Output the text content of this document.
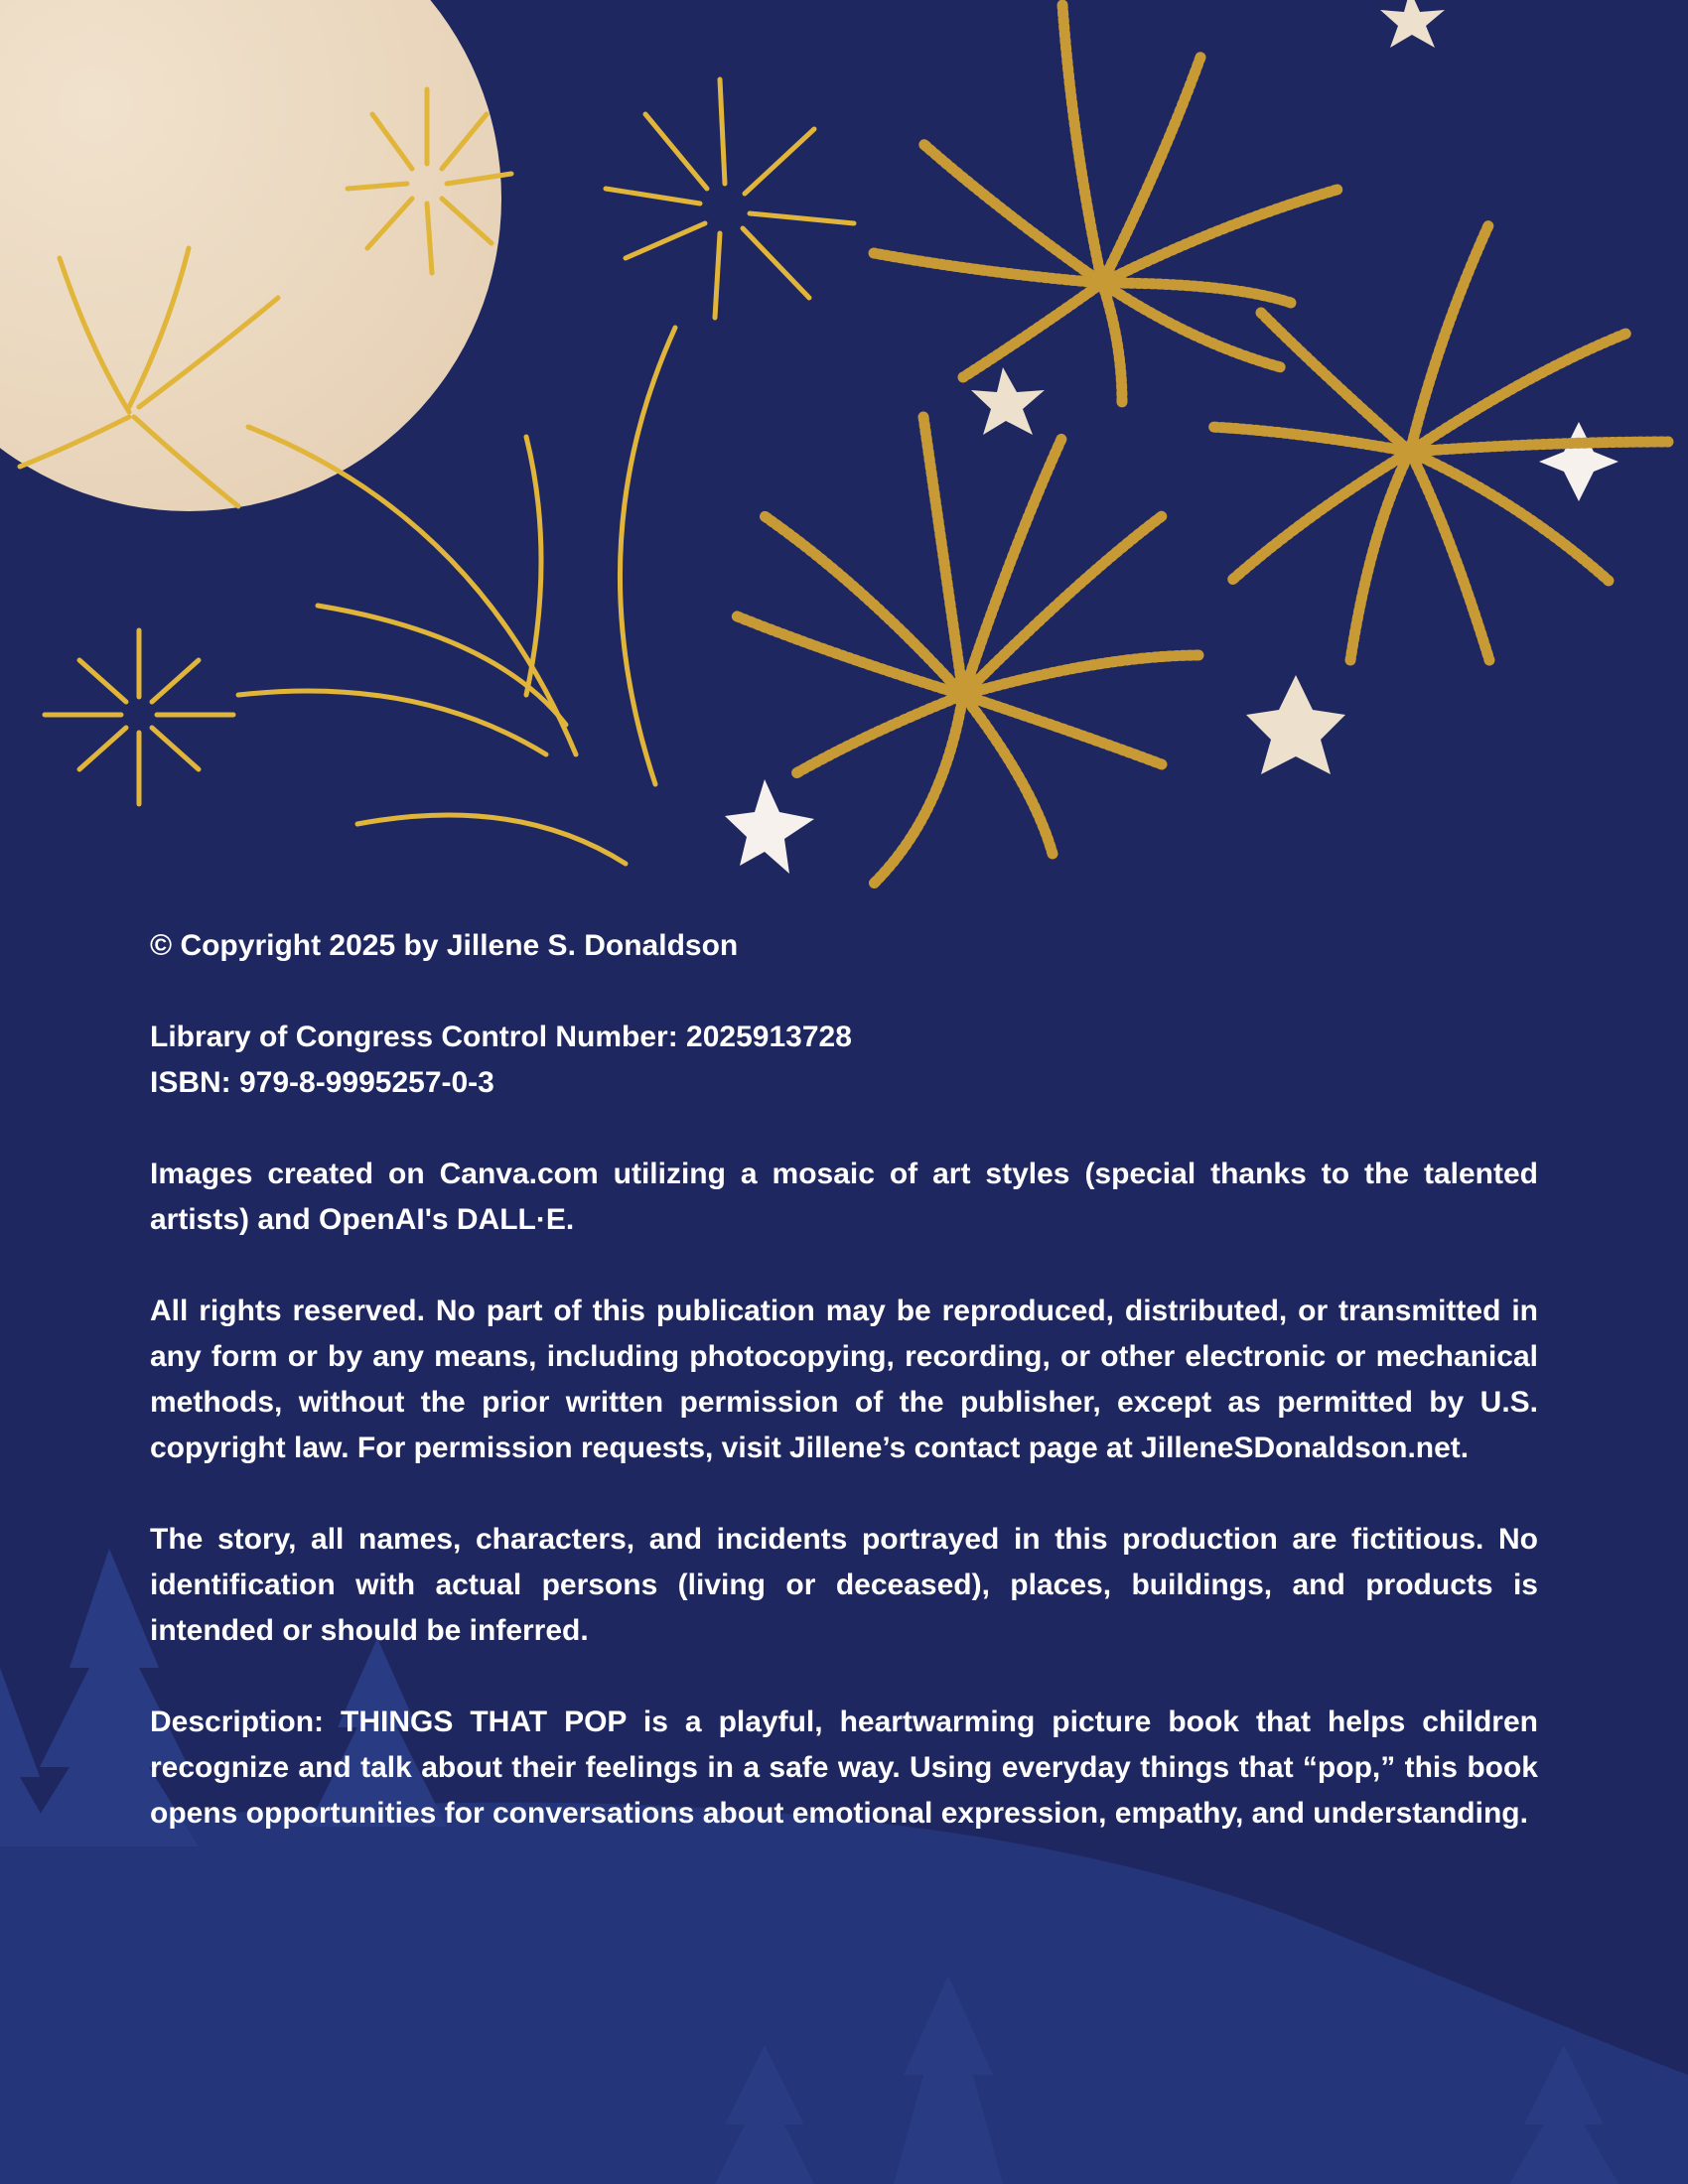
© Copyright 2025 by Jillene S. Donaldson

Library of Congress Control Number: 2025913728
ISBN: 979-8-9995257-0-3

Images created on Canva.com utilizing a mosaic of art styles (special thanks to the talented artists) and OpenAI's DALL·E.

All rights reserved. No part of this publication may be reproduced, distributed, or transmitted in any form or by any means, including photocopying, recording, or other electronic or mechanical methods, without the prior written permission of the publisher, except as permitted by U.S. copyright law. For permission requests, visit Jillene’s contact page at JilleneSDonaldson.net.

The story, all names, characters, and incidents portrayed in this production are fictitious. No identification with actual persons (living or deceased), places, buildings, and products is intended or should be inferred.

Description: THINGS THAT POP is a playful, heartwarming picture book that helps children recognize and talk about their feelings in a safe way. Using everyday things that “pop,” this book opens opportunities for conversations about emotional expression, empathy, and understanding.
